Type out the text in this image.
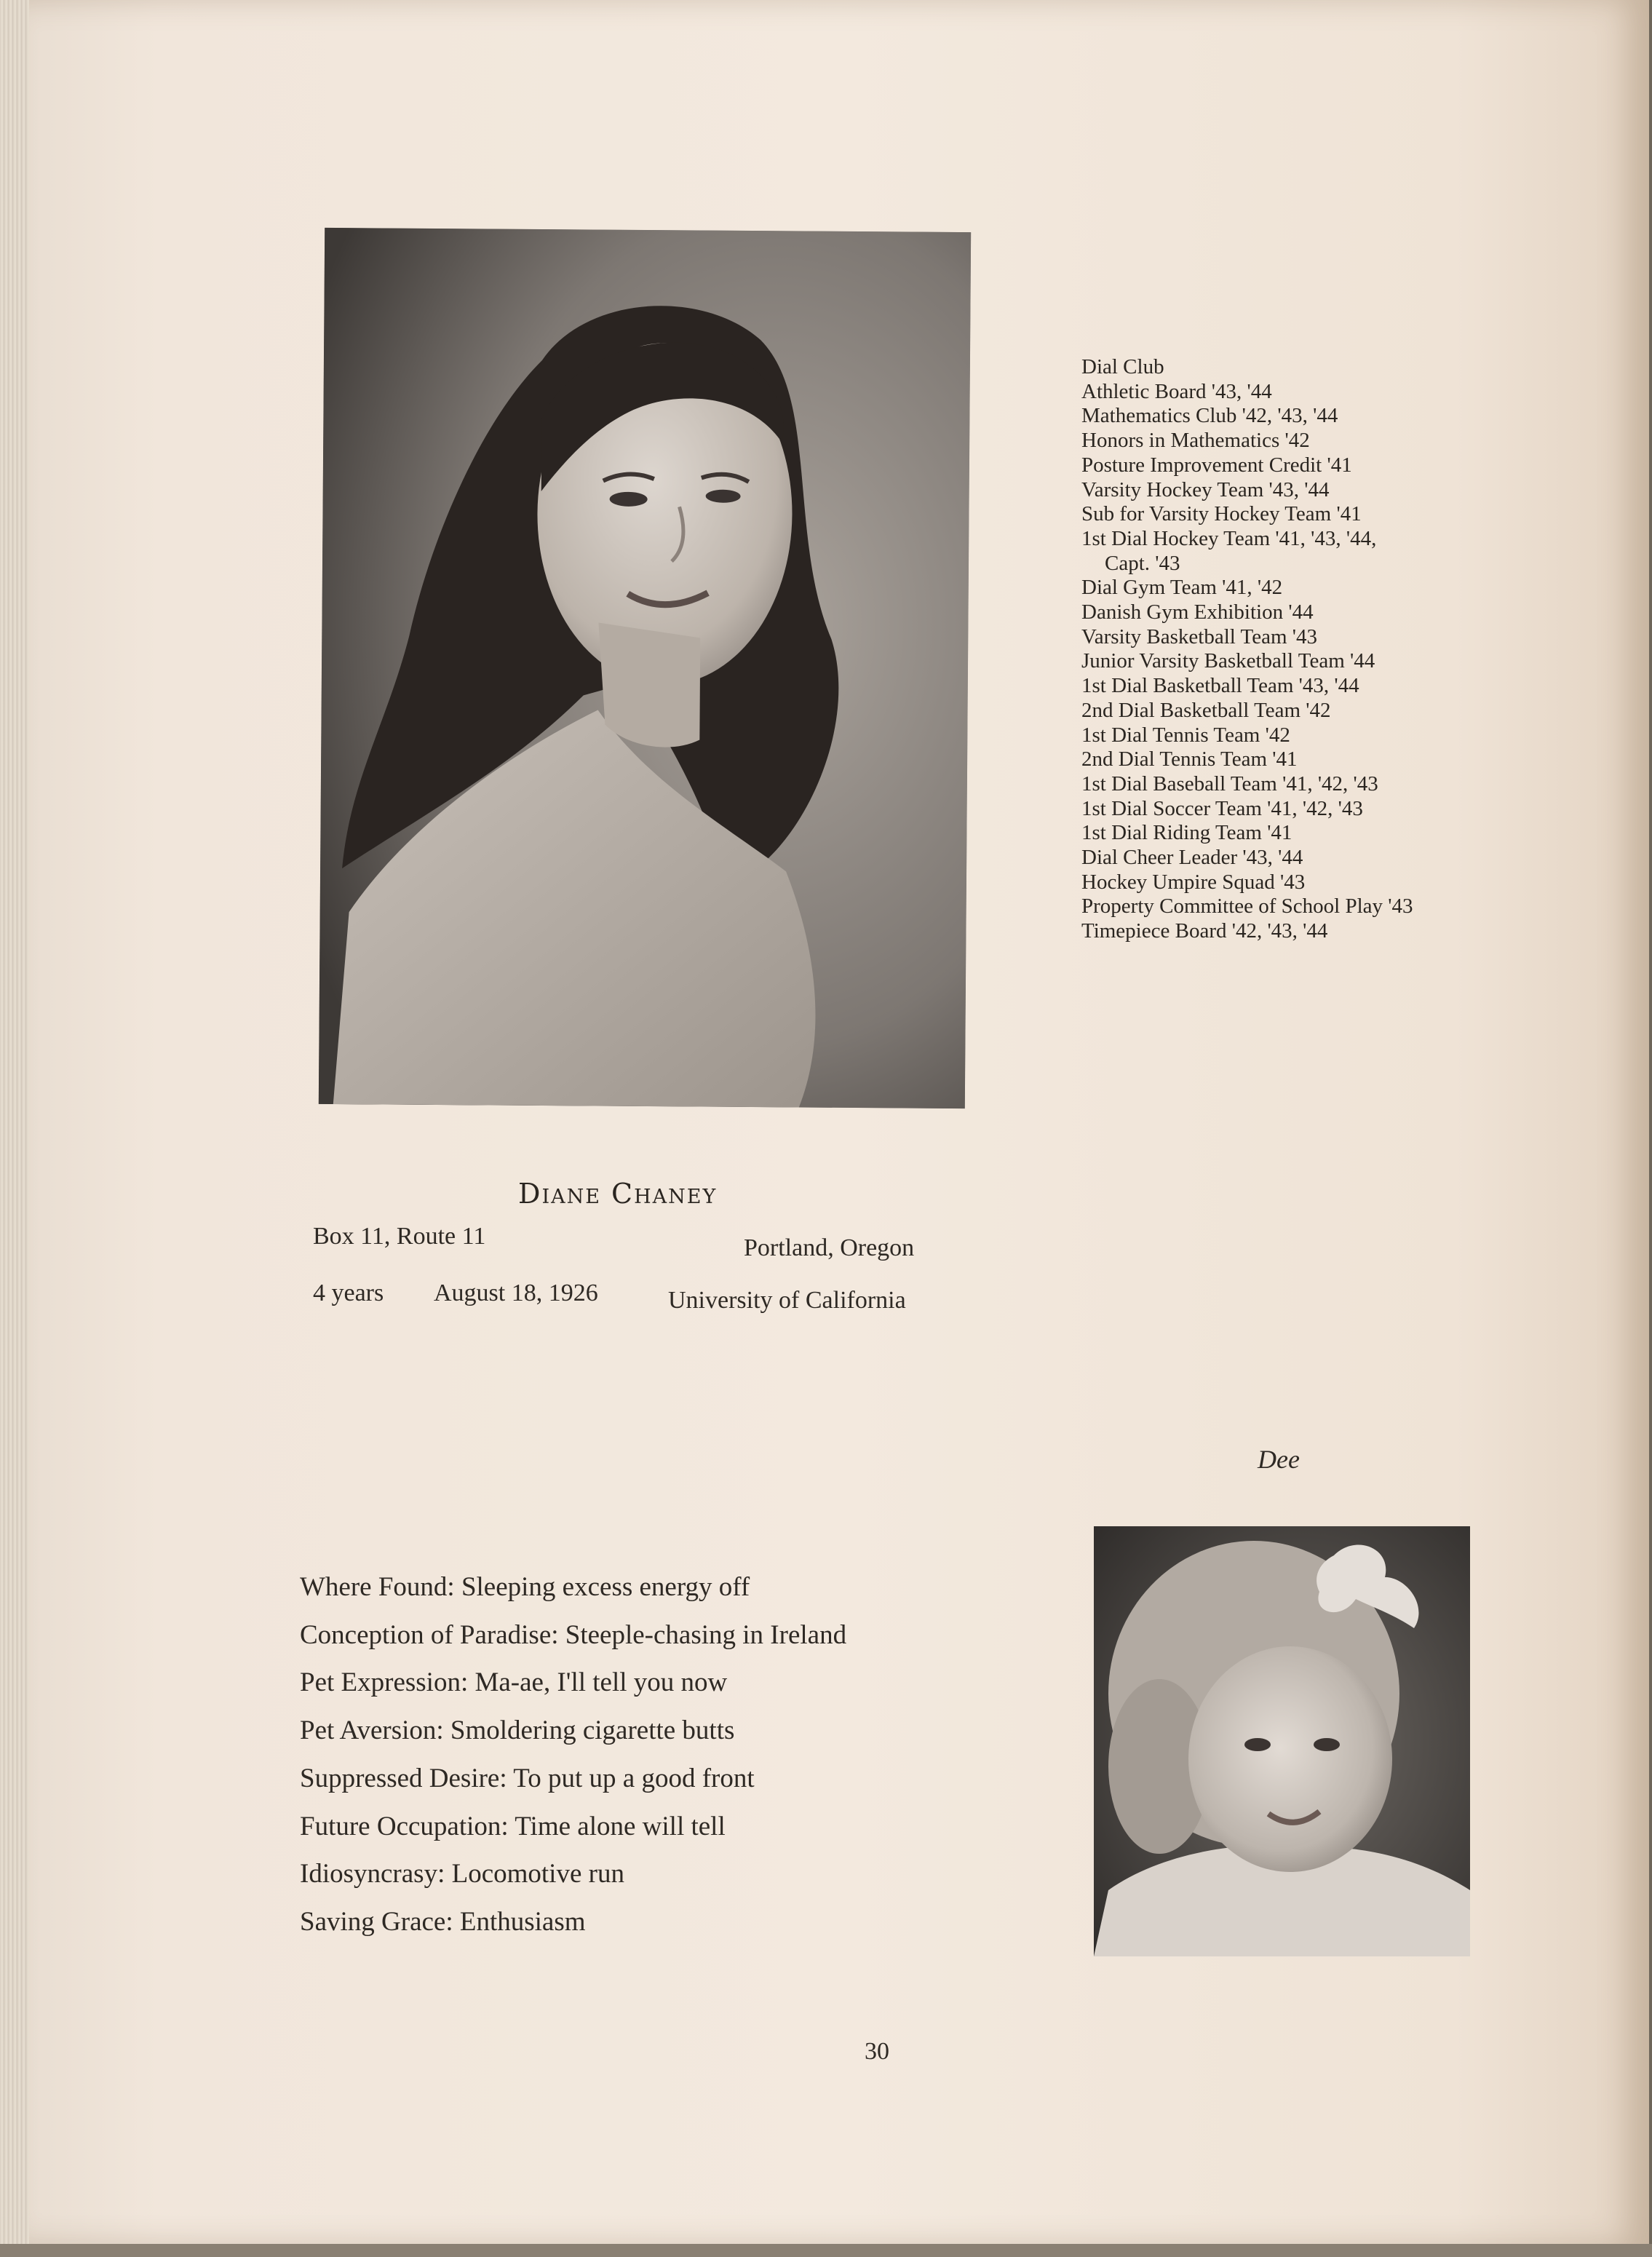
Dial Club
Athletic Board '43, '44
Mathematics Club '42, '43, '44
Honors in Mathematics '42
Posture Improvement Credit '41
Varsity Hockey Team '43, '44
Sub for Varsity Hockey Team '41
1st Dial Hockey Team '41, '43, '44,
Capt. '43
Dial Gym Team '41, '42
Danish Gym Exhibition '44
Varsity Basketball Team '43
Junior Varsity Basketball Team '44
1st Dial Basketball Team '43, '44
2nd Dial Basketball Team '42
1st Dial Tennis Team '42
2nd Dial Tennis Team '41
1st Dial Baseball Team '41, '42, '43
1st Dial Soccer Team '41, '42, '43
1st Dial Riding Team '41
Dial Cheer Leader '43, '44
Hockey Umpire Squad '43
Property Committee of School Play '43
Timepiece Board '42, '43, '44
Diane Chaney
Box 11, Route 11	Portland, Oregon
4 years August 18, 1926	University of California
Dee
Where Found: Sleeping excess energy off
Conception of Paradise: Steeple-chasing in Ireland
Pet Expression: Ma-ae, I'll tell you now
Pet Aversion: Smoldering cigarette butts
Suppressed Desire: To put up a good front
Future Occupation: Time alone will tell
Idiosyncrasy: Locomotive run
Saving Grace: Enthusiasm
30
